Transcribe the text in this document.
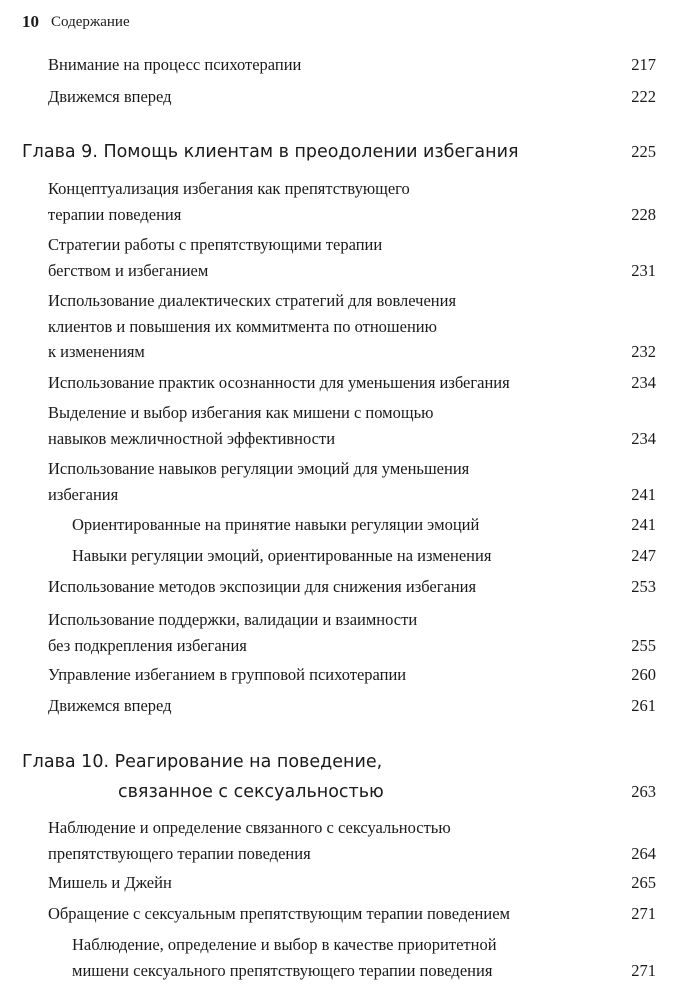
10 Содержание
Внимание на процесс психотерапии	217
Движемся вперед	222
Глава 9. Помощь клиентам в преодолении избегания	225
Концептуализация избегания как препятствующего
терапии поведения	228
Стратегии работы с препятствующими терапии
бегством и избеганием	231
Использование диалектических стратегий для вовлечения
клиентов и повышения их коммитмента по отношению
к изменениям	232
Использование практик осознанности для уменьшения избегания	234
Выделение и выбор избегания как мишени с помощью
навыков межличностной эффективности	234
Использование навыков регуляции эмоций для уменьшения
избегания	241
Ориентированные на принятие навыки регуляции эмоций	241
Навыки регуляции эмоций, ориентированные на изменения	247
Использование методов экспозиции для снижения избегания	253
Использование поддержки, валидации и взаимности
без подкрепления избегания	255
Управление избеганием в групповой психотерапии	260
Движемся вперед	261
Глава 10. Реагирование на поведение,
связанное с сексуальностью	263
Наблюдение и определение связанного с сексуальностью
препятствующего терапии поведения	264
Мишель и Джейн	265
Обращение с сексуальным препятствующим терапии поведением	271
Наблюдение, определение и выбор в качестве приоритетной
мишени сексуального препятствующего терапии поведения	271
